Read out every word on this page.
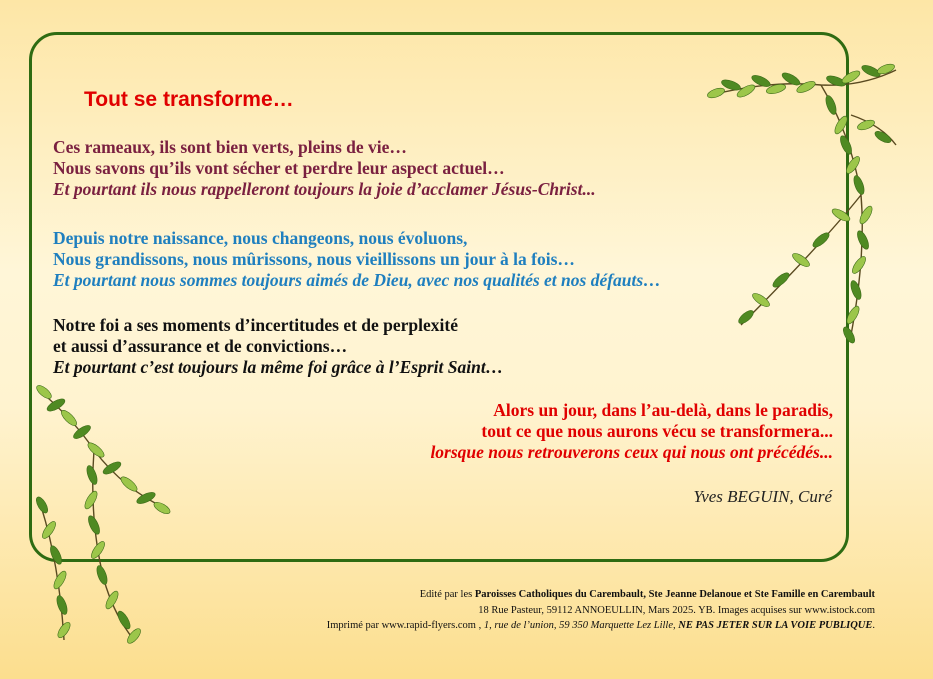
Tout se transforme…

Ces rameaux, ils sont bien verts, pleins de vie…

Nous savons qu’ils vont sécher et perdre leur aspect actuel…

Et pourtant ils nous rappelleront toujours la joie d’acclamer Jésus-Christ...

Depuis notre naissance, nous changeons, nous évoluons,

Nous grandissons, nous mûrissons, nous vieillissons un jour à la fois…

Et pourtant nous sommes toujours aimés de Dieu, avec nos qualités et nos défauts…

Notre foi a ses moments d’incertitudes et de perplexité

et aussi d’assurance et de convictions…

Et pourtant c’est toujours la même foi grâce à l’Esprit Saint…

Alors un jour, dans l’au-delà, dans le paradis,

tout ce que nous aurons vécu se transformera...

lorsque nous retrouverons ceux qui nous ont précédés...

Yves BEGUIN, Curé

Edité par les Paroisses Catholiques du Carembault, Ste Jeanne Delanoue et Ste Famille en Carembault

18 Rue Pasteur, 59112 ANNOEULLIN, Mars 2025. YB. Images acquises sur www.istock.com

Imprimé par www.rapid-flyers.com , 1, rue de l’union, 59 350 Marquette Lez Lille, NE PAS JETER SUR LA VOIE PUBLIQUE.
